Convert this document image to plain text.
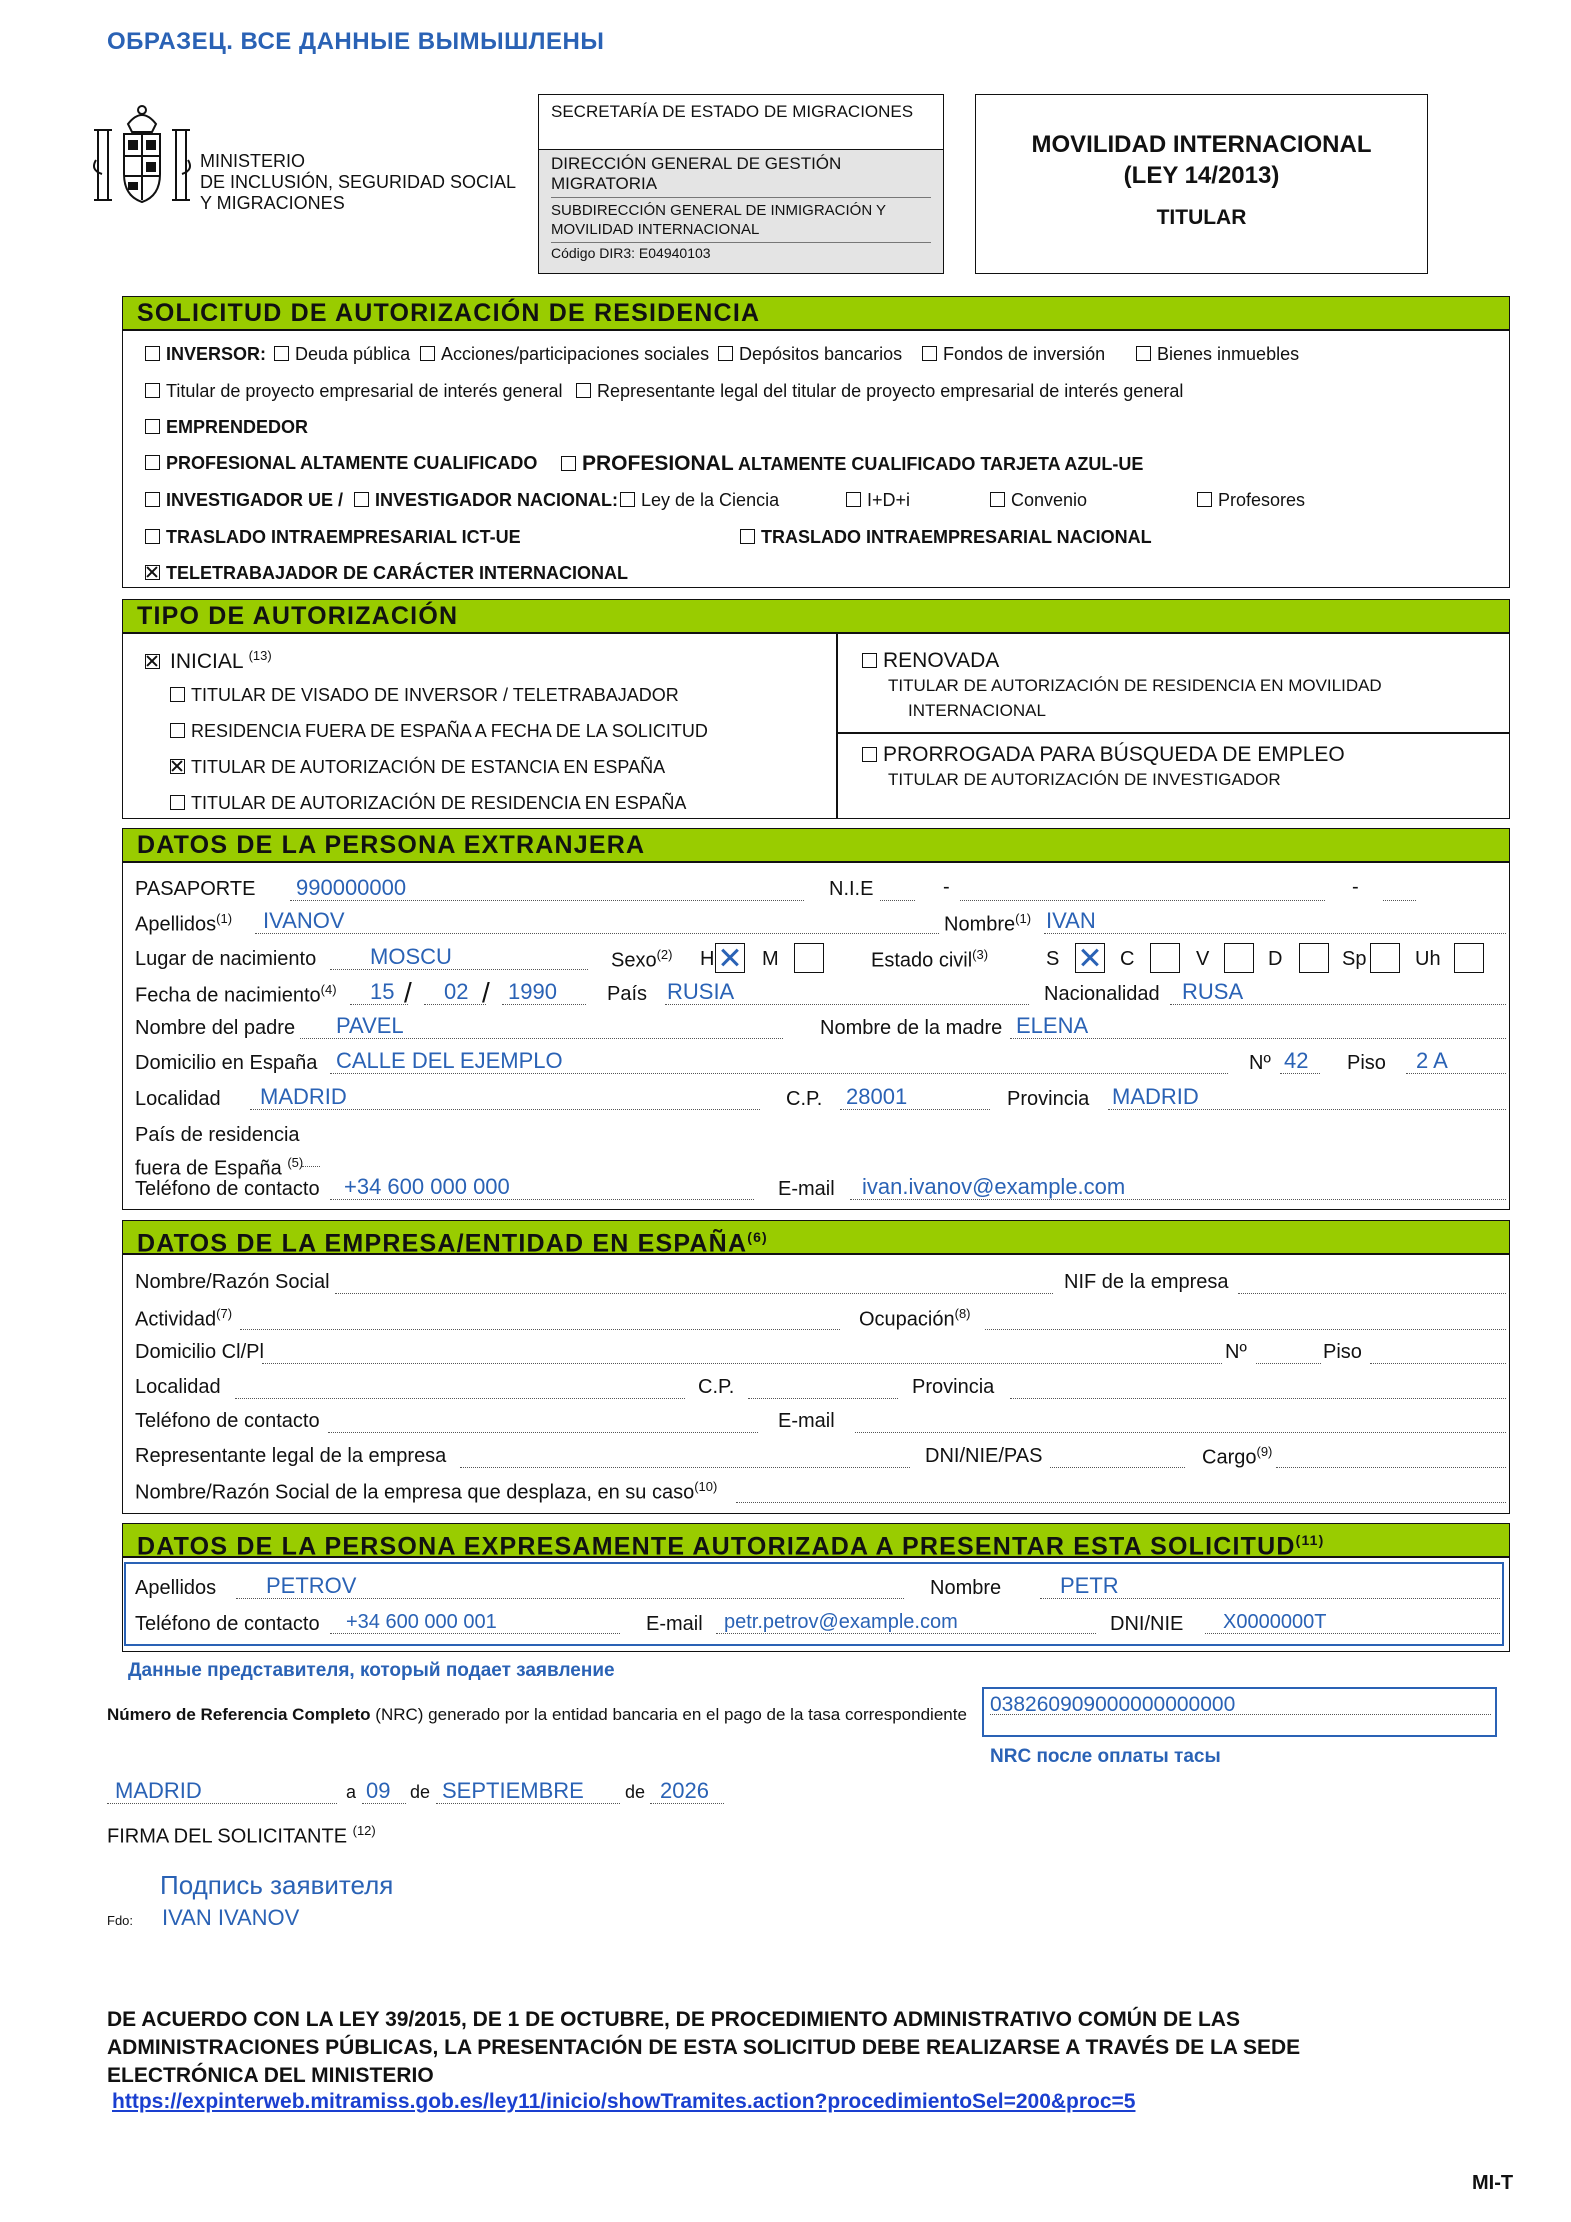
ОБРАЗЕЦ. ВСЕ ДАННЫЕ ВЫМЫШЛЕНЫ
MINISTERIO
DE INCLUSIÓN, SEGURIDAD SOCIAL
Y MIGRACIONES
SECRETARÍA DE ESTADO DE MIGRACIONES
DIRECCIÓN GENERAL DE GESTIÓN MIGRATORIA
SUBDIRECCIÓN GENERAL DE INMIGRACIÓN Y MOVILIDAD INTERNACIONAL
Código DIR3: E04940103
MOVILIDAD INTERNACIONAL
(LEY 14/2013)
TITULAR
SOLICITUD DE AUTORIZACIÓN DE RESIDENCIA
INVERSOR:	Deuda pública	Acciones/participaciones sociales	Depósitos bancarios	Fondos de inversión	Bienes inmuebles
Titular de proyecto empresarial de interés general	Representante legal del titular de proyecto empresarial de interés general
EMPRENDEDOR
PROFESIONAL ALTAMENTE CUALIFICADO	PROFESIONAL ALTAMENTE CUALIFICADO TARJETA AZUL-UE
INVESTIGADOR UE /	INVESTIGADOR NACIONAL:	Ley de la Ciencia	I+D+i	Convenio	Profesores
TRASLADO INTRAEMPRESARIAL ICT-UE	TRASLADO INTRAEMPRESARIAL NACIONAL
TELETRABAJADOR DE CARÁCTER INTERNACIONAL
TIPO DE AUTORIZACIÓN
INICIAL $^{(13)}$
TITULAR DE VISADO DE INVERSOR / TELETRABAJADOR
RESIDENCIA FUERA DE ESPAÑA A FECHA DE LA SOLICITUD
TITULAR DE AUTORIZACIÓN DE ESTANCIA EN ESPAÑA
TITULAR DE AUTORIZACIÓN DE RESIDENCIA EN ESPAÑA
RENOVADA
TITULAR DE AUTORIZACIÓN DE RESIDENCIA EN MOVILIDAD
INTERNACIONAL
PRORROGADA PARA BÚSQUEDA DE EMPLEO
TITULAR DE AUTORIZACIÓN DE INVESTIGADOR
DATOS DE LA PERSONA EXTRANJERA
PASAPORTE 990000000	N.I.E	-	-
Apellidos$^{(1)}$	IVANOV	Nombre$^{(1)}$ IVAN
Lugar de nacimiento	MOSCU	Sexo$^{(2)}$ H M	Estado civil$^{(3)}$	S	C	V	D	Sp Uh
Fecha de nacimiento$^{(4)}$	15 /	02 / 1990	País RUSIA	Nacionalidad	RUSA
Nombre del padre	PAVEL	Nombre de la madre ELENA
Domicilio en España CALLE DEL EJEMPLO	Nº 42	Piso	2 A
Localidad	MADRID	C.P. 28001	Provincia MADRID
País de residencia
fuera de España $^{(5)}$
Teléfono de contacto	+34 600 000 000	E-mail	ivan.ivanov@example.com
DATOS DE LA EMPRESA/ENTIDAD EN ESPAÑA$^{(6)}$
Nombre/Razón Social	NIF de la empresa
Actividad$^{(7)}$	Ocupación$^{(8)}$
Domicilio Cl/Pl	Nº	Piso
Localidad	C.P.	Provincia
Teléfono de contacto	E-mail
Representante legal de la empresa	DNI/NIE/PAS	Cargo$^{(9)}$
Nombre/Razón Social de la empresa que desplaza, en su caso$^{(10)}$
DATOS DE LA PERSONA EXPRESAMENTE AUTORIZADA A PRESENTAR ESTA SOLICITUD$^{(11)}$
Apellidos	PETROV	Nombre	PETR
Teléfono de contacto	+34 600 000 001	E-mail	petr.petrov@example.com	DNI/NIE	X0000000T
Данные представителя, который подает заявление
Número de Referencia Completo (NRC) generado por la entidad bancaria en el pago de la tasa correspondiente 038260909000000000000
NRC после оплаты тасы
MADRID	a 09	de SEPTIEMBRE	de 2026
FIRMA DEL SOLICITANTE $^{(12)}$
Подпись заявителя
Fdo: IVAN IVANOV
DE ACUERDO CON LA LEY 39/2015, DE 1 DE OCTUBRE, DE PROCEDIMIENTO ADMINISTRATIVO COMÚN DE LAS
ADMINISTRACIONES PÚBLICAS, LA PRESENTACIÓN DE ESTA SOLICITUD DEBE REALIZARSE A TRAVÉS DE LA SEDE
ELECTRÓNICA DEL MINISTERIO
https://expinterweb.mitramiss.gob.es/ley11/inicio/showTramites.action?procedimientoSel=200&proc=5
MI-T
